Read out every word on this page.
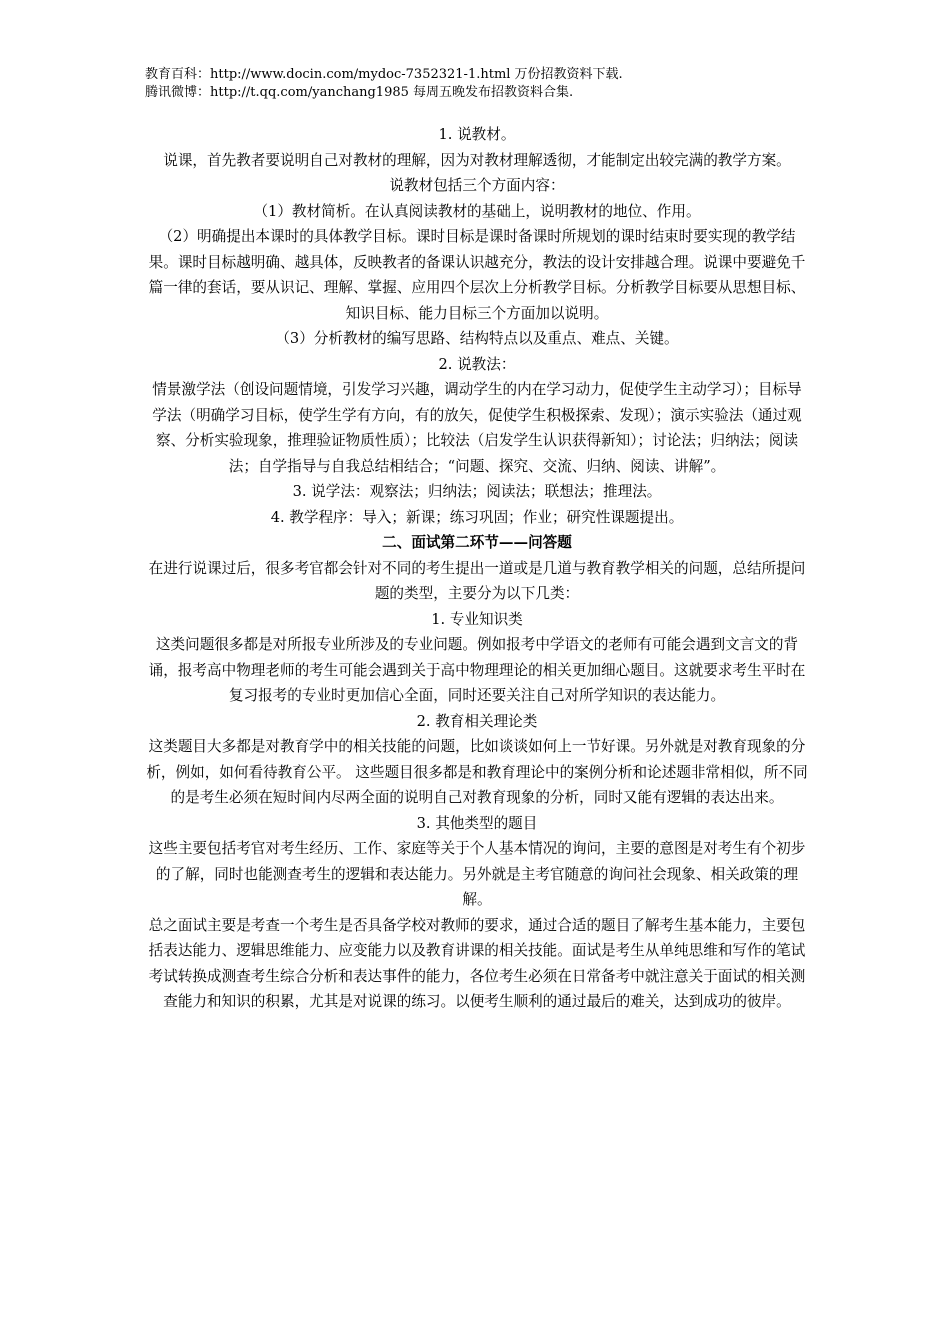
教育百科：http://www.docin.com/mydoc-7352321-1.html 万份招教资料下载.
腾讯微博：http://t.qq.com/yanchang1985 每周五晚发布招教资料合集.

1. 说教材。

说课，首先教者要说明自己对教材的理解，因为对教材理解透彻，才能制定出较完满的教学方案。

说教材包括三个方面内容：

（1）教材简析。在认真阅读教材的基础上，说明教材的地位、作用。

（2）明确提出本课时的具体教学目标。课时目标是课时备课时所规划的课时结束时要实现的教学结果。课时目标越明确、越具体，反映教者的备课认识越充分，教法的设计安排越合理。说课中要避免千篇一律的套话，要从识记、理解、掌握、应用四个层次上分析教学目标。分析教学目标要从思想目标、知识目标、能力目标三个方面加以说明。

（3）分析教材的编写思路、结构特点以及重点、难点、关键。

2. 说教法：

情景激学法（创设问题情境，引发学习兴趣，调动学生的内在学习动力，促使学生主动学习）；目标导学法（明确学习目标，使学生学有方向，有的放矢，促使学生积极探索、发现）；演示实验法（通过观察、分析实验现象，推理验证物质性质）；比较法（启发学生认识获得新知）；讨论法；归纳法；阅读法；自学指导与自我总结相结合；“问题、探究、交流、归纳、阅读、讲解”。

3. 说学法：观察法；归纳法；阅读法；联想法；推理法。

4. 教学程序：导入；新课；练习巩固；作业；研究性课题提出。

二、面试第二环节——问答题

在进行说课过后，很多考官都会针对不同的考生提出一道或是几道与教育教学相关的问题，总结所提问题的类型，主要分为以下几类：

1. 专业知识类

这类问题很多都是对所报专业所涉及的专业问题。例如报考中学语文的老师有可能会遇到文言文的背诵，报考高中物理老师的考生可能会遇到关于高中物理理论的相关更加细心题目。这就要求考生平时在复习报考的专业时更加信心全面，同时还要关注自己对所学知识的表达能力。

2. 教育相关理论类

这类题目大多都是对教育学中的相关技能的问题，比如谈谈如何上一节好课。另外就是对教育现象的分析，例如，如何看待教育公平。 这些题目很多都是和教育理论中的案例分析和论述题非常相似，所不同的是考生必须在短时间内尽两全面的说明自己对教育现象的分析，同时又能有逻辑的表达出来。

3. 其他类型的题目

这些主要包括考官对考生经历、工作、家庭等关于个人基本情况的询问，主要的意图是对考生有个初步的了解，同时也能测查考生的逻辑和表达能力。另外就是主考官随意的询问社会现象、相关政策的理解。

总之面试主要是考查一个考生是否具备学校对教师的要求，通过合适的题目了解考生基本能力，主要包括表达能力、逻辑思维能力、应变能力以及教育讲课的相关技能。面试是考生从单纯思维和写作的笔试考试转换成测查考生综合分析和表达事件的能力，各位考生必须在日常备考中就注意关于面试的相关测查能力和知识的积累，尤其是对说课的练习。以便考生顺利的通过最后的难关，达到成功的彼岸。
